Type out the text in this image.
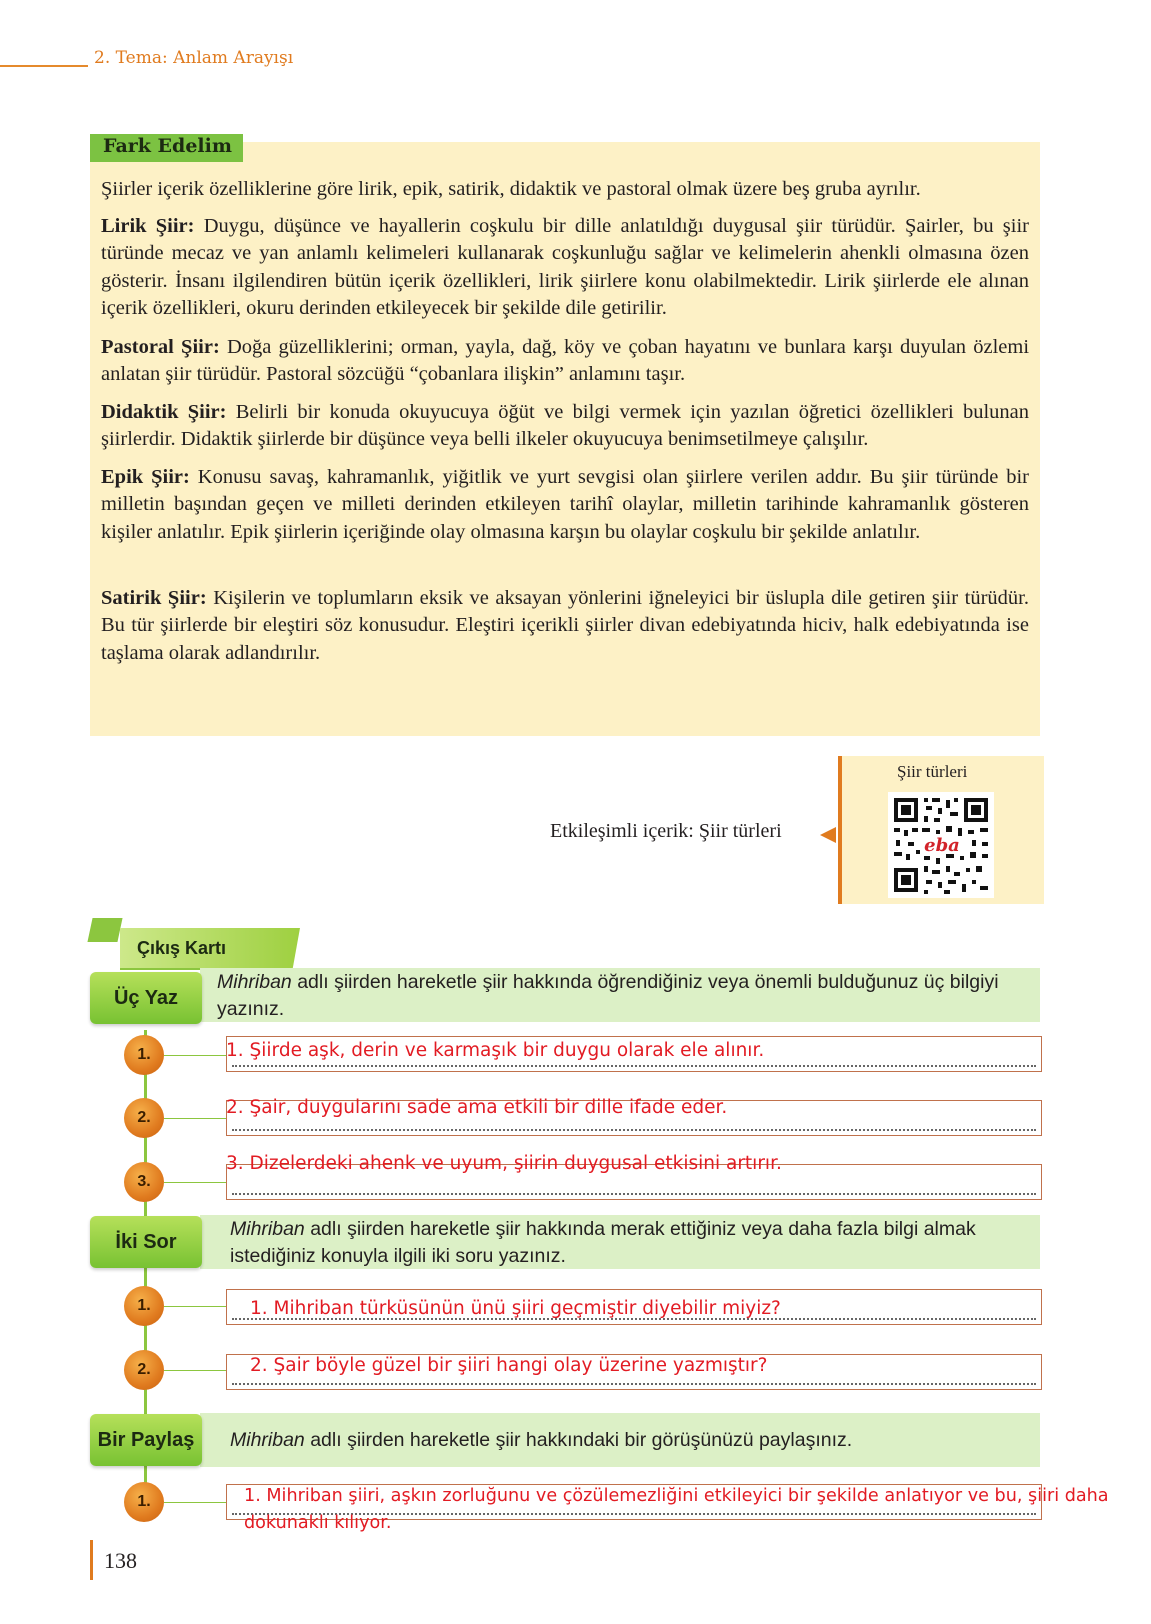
2. Tema: Anlam Arayışı
Fark Edelim

Şiirler içerik özelliklerine göre lirik, epik, satirik, didaktik ve pastoral olmak üzere beş gruba ayrılır.

Lirik Şiir: Duygu, düşünce ve hayallerin coşkulu bir dille anlatıldığı duygusal şiir türüdür. Şairler, bu şiir türünde mecaz ve yan anlamlı kelimeleri kullanarak coşkunluğu sağlar ve kelimelerin ahenkli olmasına özen gösterir. İnsanı ilgilendiren bütün içerik özellikleri, lirik şiirlere konu olabilmektedir. Lirik şiirlerde ele alınan içerik özellikleri, okuru derinden etkileyecek bir şekilde dile getirilir.

Pastoral Şiir: Doğa güzelliklerini; orman, yayla, dağ, köy ve çoban hayatını ve bunlara karşı duyulan özlemi anlatan şiir türüdür. Pastoral sözcüğü “çobanlara ilişkin” anlamını taşır.

Didaktik Şiir: Belirli bir konuda okuyucuya öğüt ve bilgi vermek için yazılan öğretici özellikleri bulunan şiirlerdir. Didaktik şiirlerde bir düşünce veya belli ilkeler okuyucuya benimsetilmeye çalışılır.

Epik Şiir: Konusu savaş, kahramanlık, yiğitlik ve yurt sevgisi olan şiirlere verilen addır. Bu şiir türünde bir milletin başından geçen ve milleti derinden etkileyen tarihî olaylar, milletin tarihinde kahramanlık gösteren kişiler anlatılır. Epik şiirlerin içeriğinde olay olmasına karşın bu olaylar coşkulu bir şekilde anlatılır.

Satirik Şiir: Kişilerin ve toplumların eksik ve aksayan yönlerini iğneleyici bir üslupla dile getiren şiir türüdür. Bu tür şiirlerde bir eleştiri söz konusudur. Eleştiri içerikli şiirler divan edebiyatında hiciv, halk edebiyatında ise taşlama olarak adlandırılır.

Etkileşimli içerik: Şiir türleri
Şiir türleri
eba
Çıkış Kartı
Mihriban adlı şiirden hareketle şiir hakkında öğrendiğiniz veya önemli bulduğunuz üç bilgiyi yazınız.
Üç Yaz
1.	1. Şiirde aşk, derin ve karmaşık bir duygu olarak ele alınır.
2.	2. Şair, duygularını sade ama etkili bir dille ifade eder.
3.
3. Dizelerdeki ahenk ve uyum, şiirin duygusal etkisini artırır.
Mihriban adlı şiirden hareketle şiir hakkında merak ettiğiniz veya daha fazla bilgi almak istediğiniz konuyla ilgili iki soru yazınız.
İki Sor
1.	1. Mihriban türküsünün ünü şiiri geçmiştir diyebilir miyiz?
2.	2. Şair böyle güzel bir şiiri hangi olay üzerine yazmıştır?
Mihriban adlı şiirden hareketle şiir hakkındaki bir görüşünüzü paylaşınız.
Bir Paylaş
1.	1. Mihriban şiiri, aşkın zorluğunu ve çözülemezliğini etkileyici bir şekilde anlatıyor ve bu, şiiri daha
dokunaklı kılıyor.
138
